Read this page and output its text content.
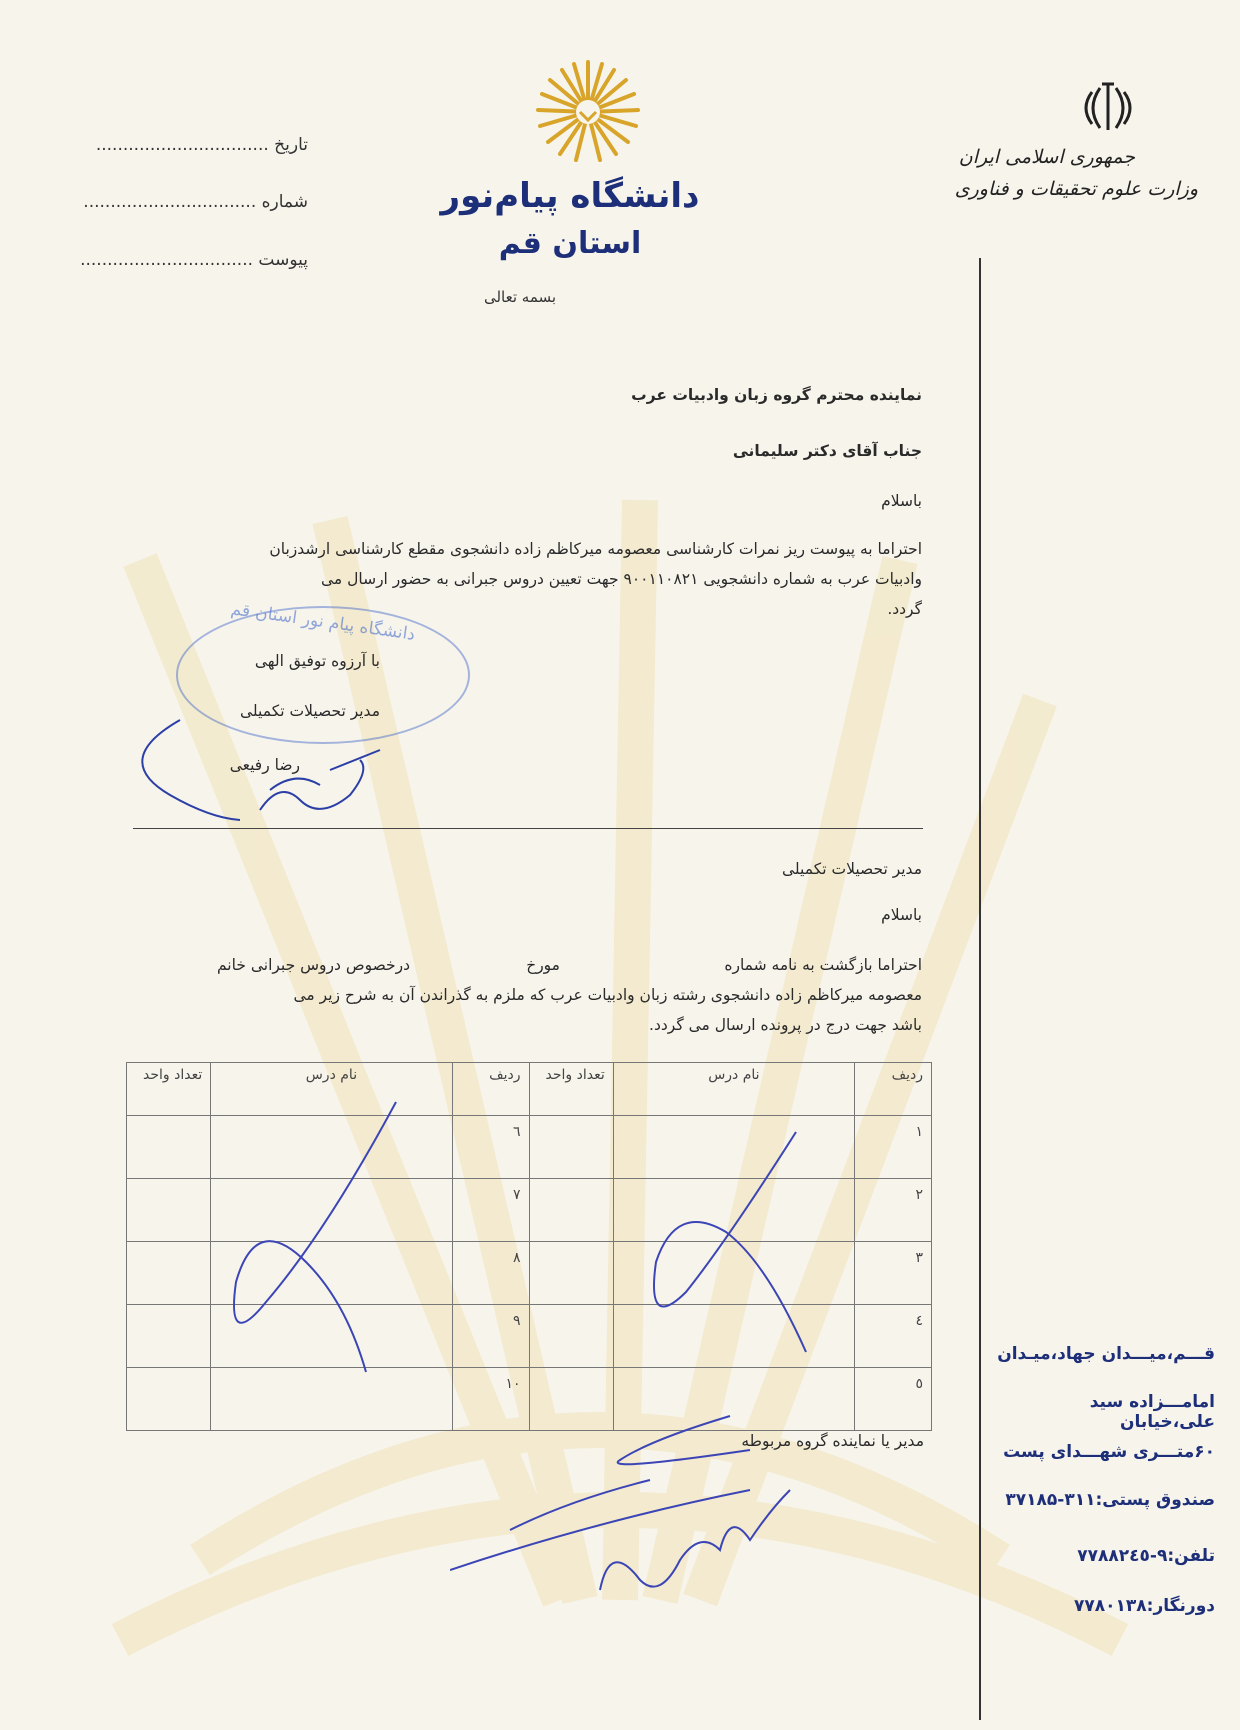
جمهوری اسلامی ایران
وزارت علوم تحقیقات و فناوری
دانشگاه پیام‌نور
استان قم
بسمه تعالی
تاریخ ................................
شماره ................................
پیوست ................................
نماینده محترم گروه زبان وادبیات عرب
جناب آقای دکتر سلیمانی
باسلام
احتراما به پیوست ریز نمرات کارشناسی معصومه میرکاظم زاده دانشجوی مقطع کارشناسی ارشدزبان
وادبیات عرب به شماره دانشجویی ۹۰۰۱۱۰۸۲۱ جهت تعیین دروس جبرانی به حضور ارسال می
گردد.
دانشگاه پیام نور استان قم
با آرزوه توفیق الهی
مدیر تحصیلات تکمیلی
رضا رفیعی
مدیر تحصیلات تکمیلی
باسلام
احتراما بازگشت به نامه شماره
مورخ
درخصوص دروس جبرانی خانم
معصومه میرکاظم زاده دانشجوی رشته زبان وادبیات عرب که ملزم به گذراندن آن به شرح زیر می
باشد جهت درج در پرونده ارسال می گردد.
ردیف	نام درس	تعداد واحد	ردیف	نام درس	تعداد واحد
۱			٦		
۲			۷		
۳			۸		
٤			۹		
٥			۱۰		
مدیر یا نماینده گروه مربوطه
قـــم،میـــدان جهاد،میـدان
امامـــزاده سید علی،خیابان
۶۰متـــری شهـــدای پست
صندوق پستی:۳۱۱-۳۷۱۸۵
تلفن:۹-۷۷۸۸۲٤٥
دورنگار:۷۷۸۰۱۳۸
